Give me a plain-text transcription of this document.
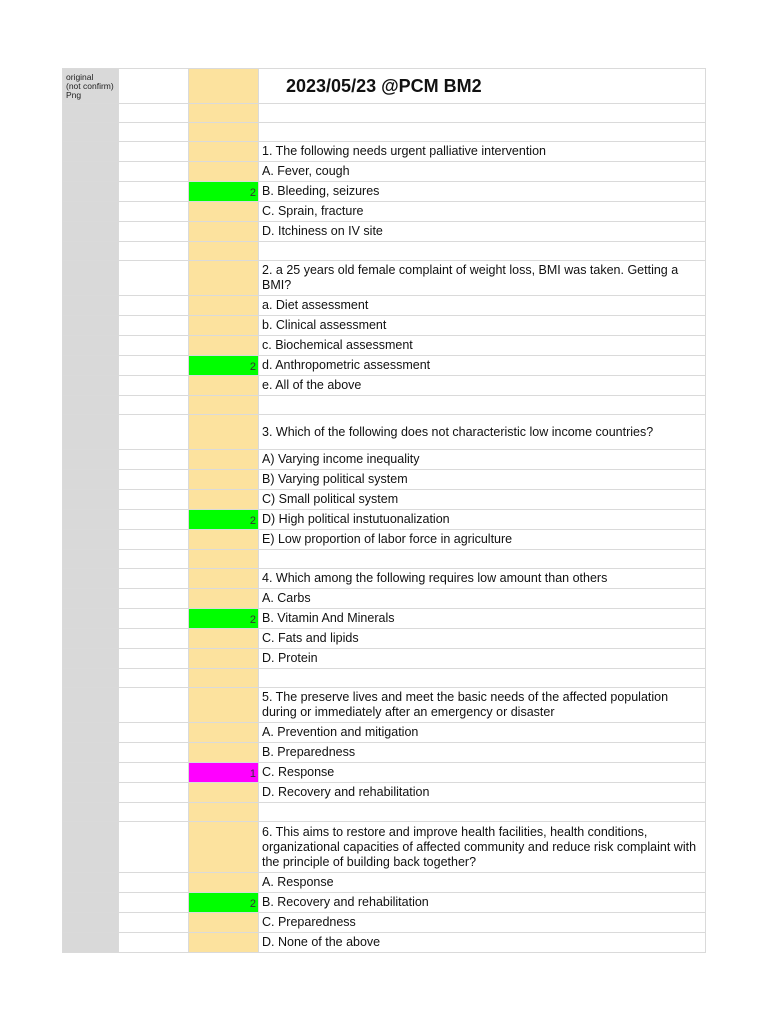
original
(not confirm)
Png			2023/05/23 @PCM BM2

			1. The following needs urgent palliative intervention

			A. Fever, cough

		2	B. Bleeding, seizures

			C. Sprain, fracture

			D. Itchiness on IV site

			2. a 25 years old female complaint of weight loss, BMI was taken. Getting a BMI?

			a. Diet assessment

			b. Clinical assessment

			c. Biochemical assessment

		2	d. Anthropometric assessment

			e. All of the above

			3. Which of the following does not characteristic low income countries?

			A) Varying income inequality

			B) Varying political system

			C) Small political system

		2	D) High political instutuonalization

			E) Low proportion of labor force in agriculture

			4. Which among the following requires low amount than others

			A. Carbs

		2	B. Vitamin And Minerals

			C. Fats and lipids

			D. Protein

			5. The preserve lives and meet the basic needs of the affected population during or immediately after an emergency or disaster

			A. Prevention and mitigation

			B. Preparedness

		1	C. Response

			D. Recovery and rehabilitation

			6. This aims to restore and improve health facilities, health conditions, organizational capacities of affected community and reduce risk complaint with the principle of building back together?

			A. Response

		2	B. Recovery and rehabilitation

			C. Preparedness

			D. None of the above
